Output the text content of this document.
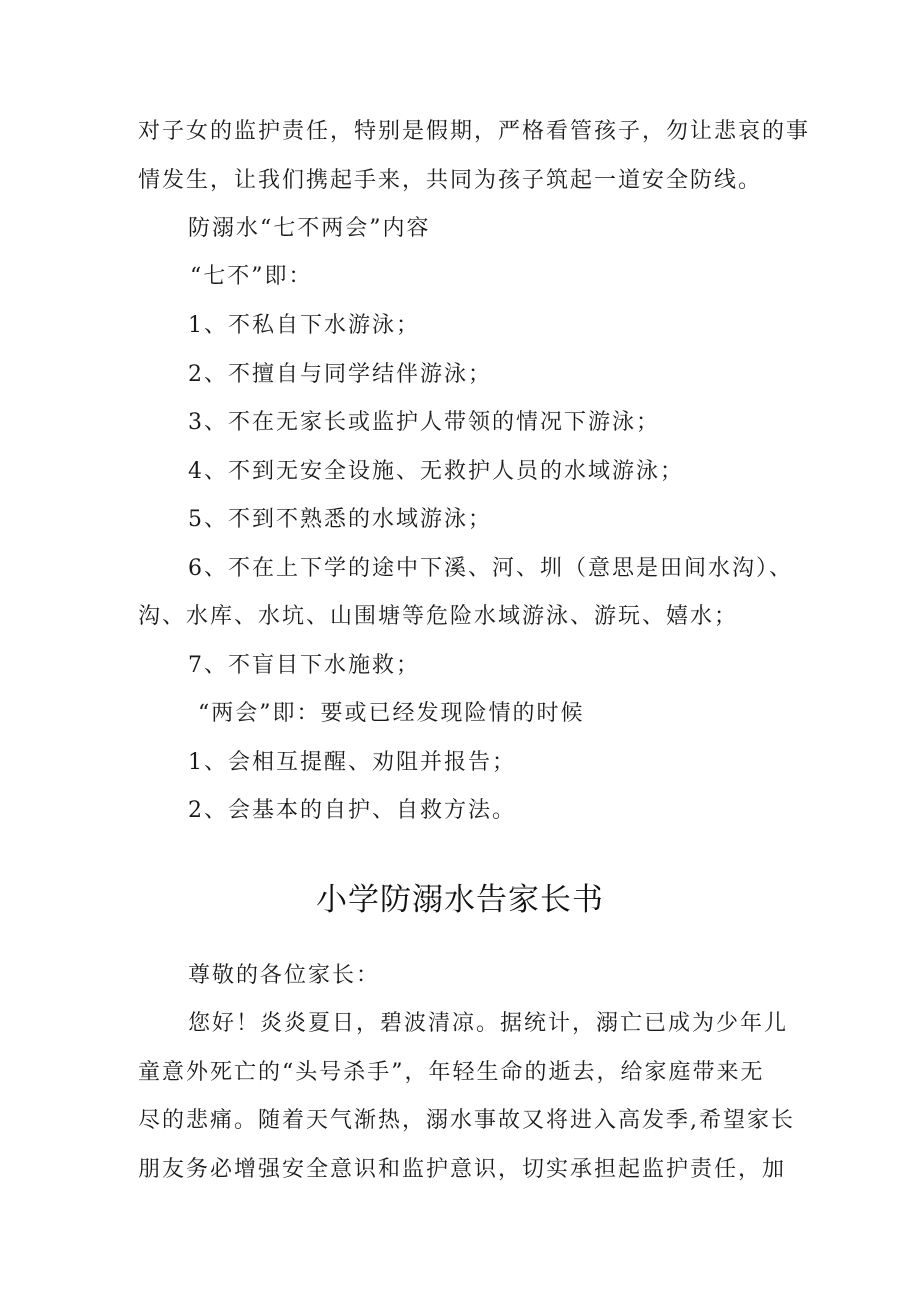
对子女的监护责任，特别是假期，严格看管孩子，勿让悲哀的事
情发生，让我们携起手来，共同为孩子筑起一道安全防线。
防溺水“七不两会”内容
“七不”即：
1、不私自下水游泳；
2、不擅自与同学结伴游泳；
3、不在无家长或监护人带领的情况下游泳；
4、不到无安全设施、无救护人员的水域游泳；
5、不到不熟悉的水域游泳；
6、不在上下学的途中下溪、河、圳（意思是田间水沟）、
沟、水库、水坑、山围塘等危险水域游泳、游玩、嬉水；
7、不盲目下水施救；
“两会”即：要或已经发现险情的时候
1、会相互提醒、劝阻并报告；
2、会基本的自护、自救方法。
小学防溺水告家长书
尊敬的各位家长：
您好！炎炎夏日，碧波清凉。据统计，溺亡已成为少年儿
童意外死亡的“头号杀手”，年轻生命的逝去，给家庭带来无
尽的悲痛。随着天气渐热，溺水事故又将进入高发季,希望家长
朋友务必增强安全意识和监护意识，切实承担起监护责任，加
